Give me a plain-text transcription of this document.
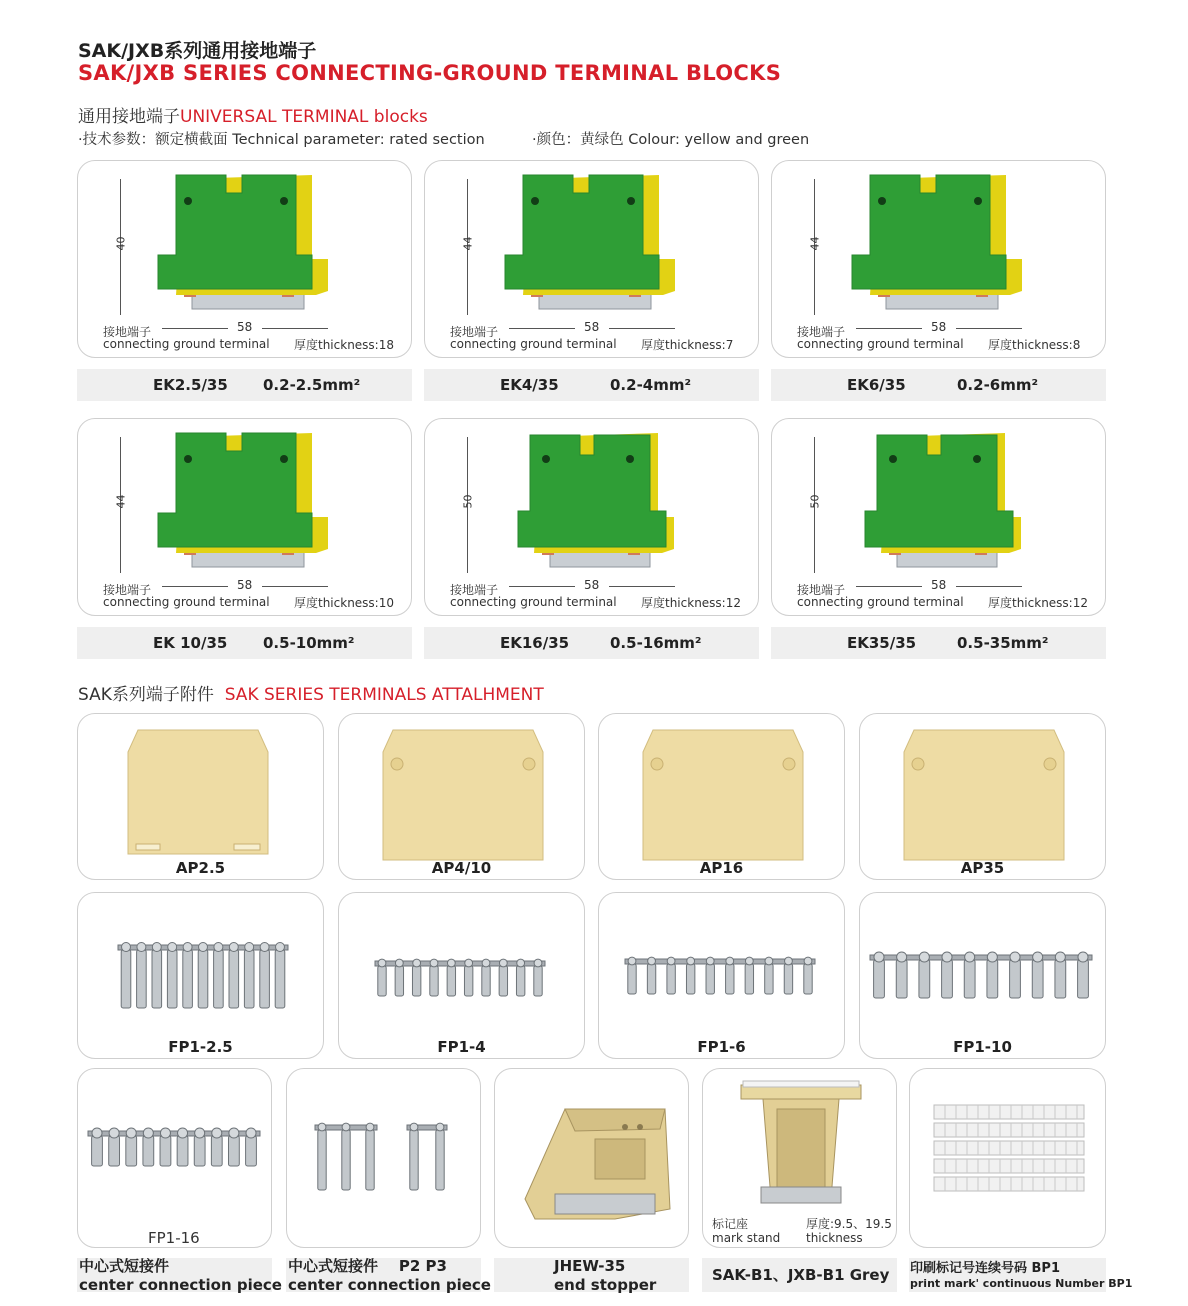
SAK/JXB系列通用接地端子
SAK/JXB SERIES CONNECTING-GROUND TERMINAL BLOCKS
通用接地端子UNIVERSAL TERMINAL blocks
·技术参数：额定横截面 Technical parameter: rated section	·颜色：黄绿色 Colour: yellow and green
40
58
接地端子
connecting ground terminal 厚度thickness:18
EK2.5/35 0.2-2.5mm²
44
58
接地端子
connecting ground terminal 厚度thickness:7
EK4/35	0.2-4mm²
44
58
接地端子
connecting ground terminal 厚度thickness:8
EK6/35	0.2-6mm²
44
58
接地端子
connecting ground terminal 厚度thickness:10
EK 10/35 0.5-10mm²
50
58
接地端子
connecting ground terminal 厚度thickness:12
EK16/35	0.5-16mm²
50
58
接地端子
connecting ground terminal 厚度thickness:12
EK35/35	0.5-35mm²
SAK系列端子附件 SAK SERIES TERMINALS ATTALHMENT
AP2.5	AP4/10	AP16	AP35
FP1-2.5	FP1-4	FP1-6	FP1-10
FP1-16
标记座
mark stand
厚度:9.5、19.5
thickness
中心式短接件
center connection piece
中心式短接件 P2 P3
center connection piece
JHEW-35
end stopper
SAK-B1、JXB-B1 Grey 印刷标记号连续号码 BP1
print mark' continuous Number BP1
